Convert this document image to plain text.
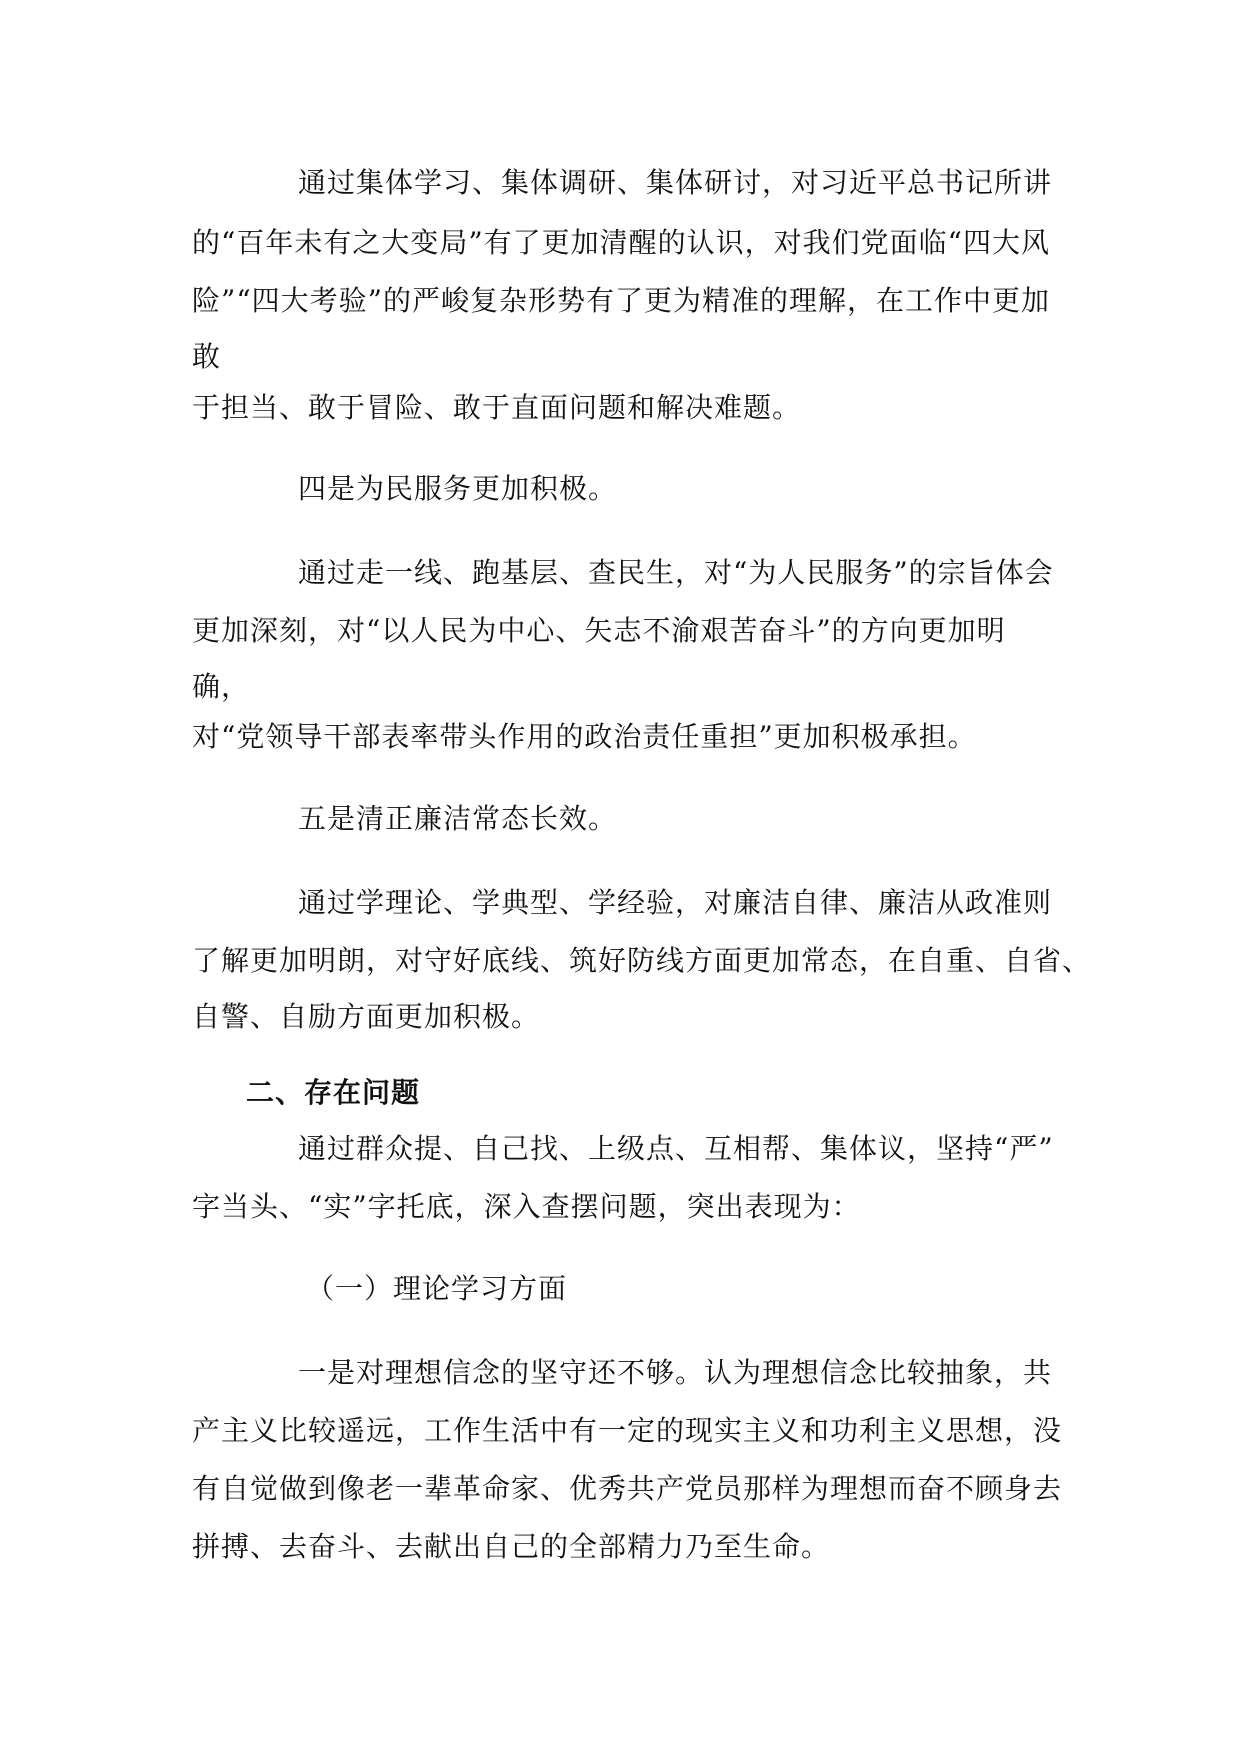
通过集体学习、集体调研、集体研讨，对习近平总书记所讲
的“百年未有之大变局”有了更加清醒的认识，对我们党面临“四大风
险”“四大考验”的严峻复杂形势有了更为精准的理解，在工作中更加
敢
于担当、敢于冒险、敢于直面问题和解决难题。
四是为民服务更加积极。
通过走一线、跑基层、查民生，对“为人民服务”的宗旨体会
更加深刻，对“以人民为中心、矢志不渝艰苦奋斗”的方向更加明
确，
对“党领导干部表率带头作用的政治责任重担”更加积极承担。
五是清正廉洁常态长效。
通过学理论、学典型、学经验，对廉洁自律、廉洁从政准则
了解更加明朗，对守好底线、筑好防线方面更加常态，在自重、自省、
自警、自励方面更加积极。
二、存在问题
通过群众提、自己找、上级点、互相帮、集体议，坚持“严”
字当头、“实”字托底，深入查摆问题，突出表现为：
（一）理论学习方面
一是对理想信念的坚守还不够。认为理想信念比较抽象，共
产主义比较遥远，工作生活中有一定的现实主义和功利主义思想，没
有自觉做到像老一辈革命家、优秀共产党员那样为理想而奋不顾身去
拼搏、去奋斗、去献出自己的全部精力乃至生命。
